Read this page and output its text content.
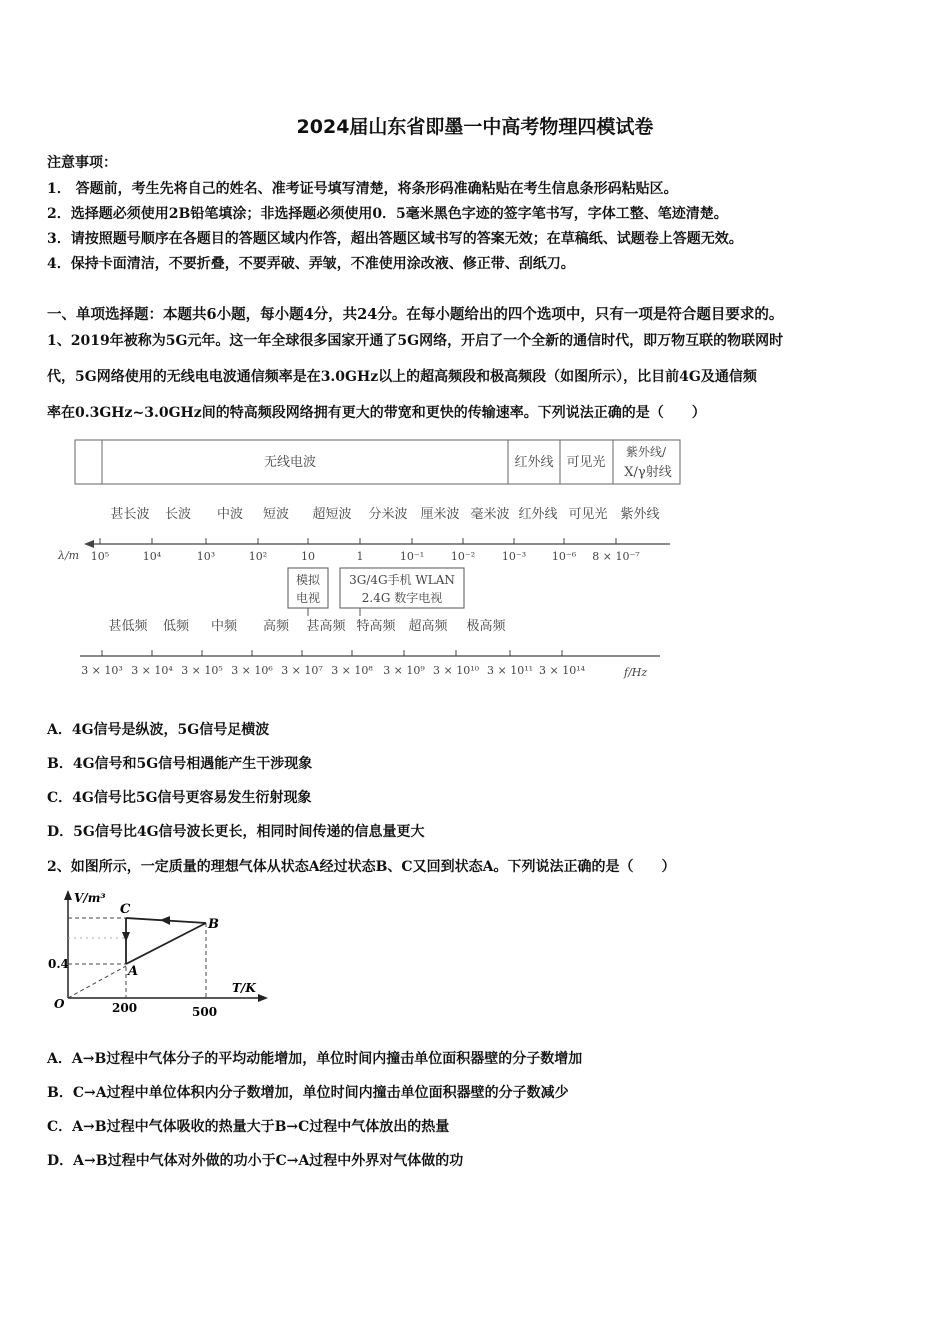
2024届山东省即墨一中高考物理四模试卷
注意事项：
1． 答题前，考生先将自己的姓名、准考证号填写清楚，将条形码准确粘贴在考生信息条形码粘贴区。
2．选择题必须使用2B铅笔填涂；非选择题必须使用0．5毫米黑色字迹的签字笔书写，字体工整、笔迹清楚。
3．请按照题号顺序在各题目的答题区域内作答，超出答题区域书写的答案无效；在草稿纸、试题卷上答题无效。
4．保持卡面清洁，不要折叠，不要弄破、弄皱，不准使用涂改液、修正带、刮纸刀。
一、单项选择题：本题共6小题，每小题4分，共24分。在每小题给出的四个选项中，只有一项是符合题目要求的。
1、2019年被称为5G元年。这一年全球很多国家开通了5G网络，开启了一个全新的通信时代，即万物互联的物联网时
代，5G网络使用的无线电电波通信频率是在3.0GHz以上的超高频段和极高频段（如图所示），比目前4G及通信频
率在0.3GHz~3.0GHz间的特高频段网络拥有更大的带宽和更快的传输速率。下列说法正确的是（　　）
无线电波	红外线 可见光
紫外线/
X/γ射线
甚长波 长波 中波 短波 超短波 分米波 厘米波 毫米波 红外线 可见光 紫外线
λ/m 10⁵	10⁴	10³	10²	10	1	10⁻¹ 10⁻² 10⁻³ 10⁻⁶ 8 × 10⁻⁷
模拟
电视
3G/4G手机 WLAN
2.4G 数字电视
甚低频 低频 中频 高频 甚高频 特高频 超高频 极高频
f/Hz
3 × 10³ 3 × 10⁴ 3 × 10⁵ 3 × 10⁶ 3 × 10⁷ 3 × 10⁸ 3 × 10⁹ 3 × 10¹⁰ 3 × 10¹¹ 3 × 10¹⁴
A．4G信号是纵波，5G信号足横波
B．4G信号和5G信号相遇能产生干涉现象
C．4G信号比5G信号更容易发生衍射现象
D．5G信号比4G信号波长更长，相同时间传递的信息量更大
2、如图所示，一定质量的理想气体从状态A经过状态B、C又回到状态A。下列说法正确的是（　　）
V/m³
T/K
O
0.4
200	500
A
B
C
A．A→B过程中气体分子的平均动能增加，单位时间内撞击单位面积器壁的分子数增加
B．C→A过程中单位体积内分子数增加，单位时间内撞击单位面积器壁的分子数减少
C．A→B过程中气体吸收的热量大于B→C过程中气体放出的热量
D．A→B过程中气体对外做的功小于C→A过程中外界对气体做的功
